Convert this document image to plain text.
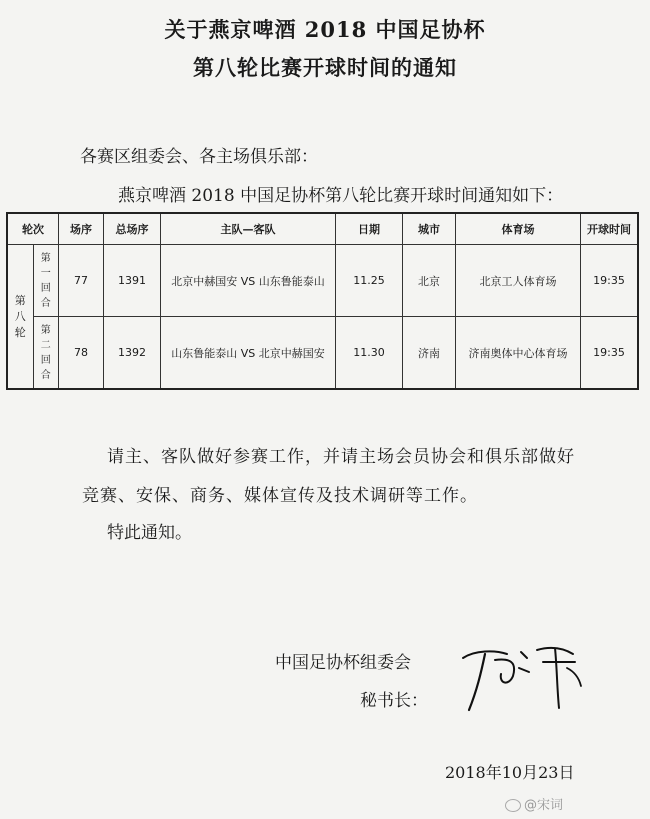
关于燕京啤酒 2018 中国足协杯
第八轮比赛开球时间的通知
各赛区组委会、各主场俱乐部：
燕京啤酒 2018 中国足协杯第八轮比赛开球时间通知如下：
轮次		场序	总场序	主队—客队	日期	城市	体育场	开球时间
第八轮	第一回合	77	1391	北京中赫国安 VS 山东鲁能泰山	11.25	北京	北京工人体育场	19:35
	第二回合	78	1392	山东鲁能泰山 VS 北京中赫国安	11.30	济南	济南奥体中心体育场	19:35
请主、客队做好参赛工作，并请主场会员协会和俱乐部做好
竞赛、安保、商务、媒体宣传及技术调研等工作。
特此通知。
中国足协杯组委会
秘书长：
2018年10月23日
@宋词
